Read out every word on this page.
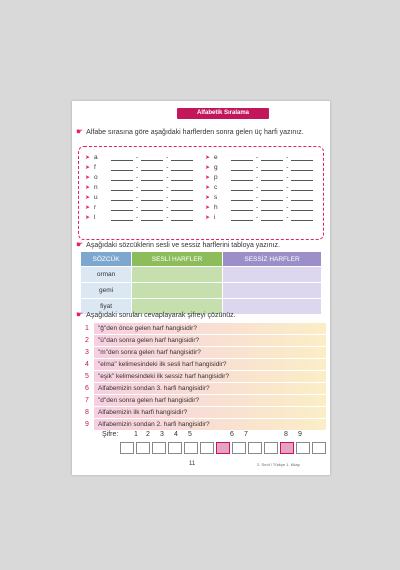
Alfabetik Sıralama
☛ Alfabe sırasına göre aşağıdaki harflerden sonra gelen üç harfi yazınız.
➤ a	-	-
➤ f	-	-
➤ o	-	-
➤ n	-	-
➤ u	-	-
➤ r	-	-
➤ l	-	-
➤ e	-	-
➤ g	-	-
➤ p	-	-
➤ c	-	-
➤ s	-	-
➤ h	-	-
➤ i	-	-
☛ Aşağıdaki sözcüklerin sesli ve sessiz harflerini tabloya yazınız.
SÖZCÜK	SESLİ HARFLER	SESSİZ HARFLER
orman		
gemi		
fiyat		
☛ Aşağıdaki soruları cevaplayarak şifreyi çözünüz.
1	"ğ"den önce gelen harf hangisidir?
2	"ü"dan sonra gelen harf hangisidir?
3	"m"den sonra gelen harf hangisidir?
4	"elma" kelimesindeki ilk sesli harf hangisidir?
5	"eşik" kelimesindeki ilk sessiz harf hangisidir?
6	Alfabemizin sondan 3. harfi hangisidir?
7	"d"den sonra gelen harf hangisidir?
8	Alfabemizin ilk harfi hangisidir?
9	Alfabemizin sondan 2. harfi hangisidir?
Şifre: 1 2 3 4 5	6 7	8 9
11	2. Sınıf / Türkçe 1. Kitap
